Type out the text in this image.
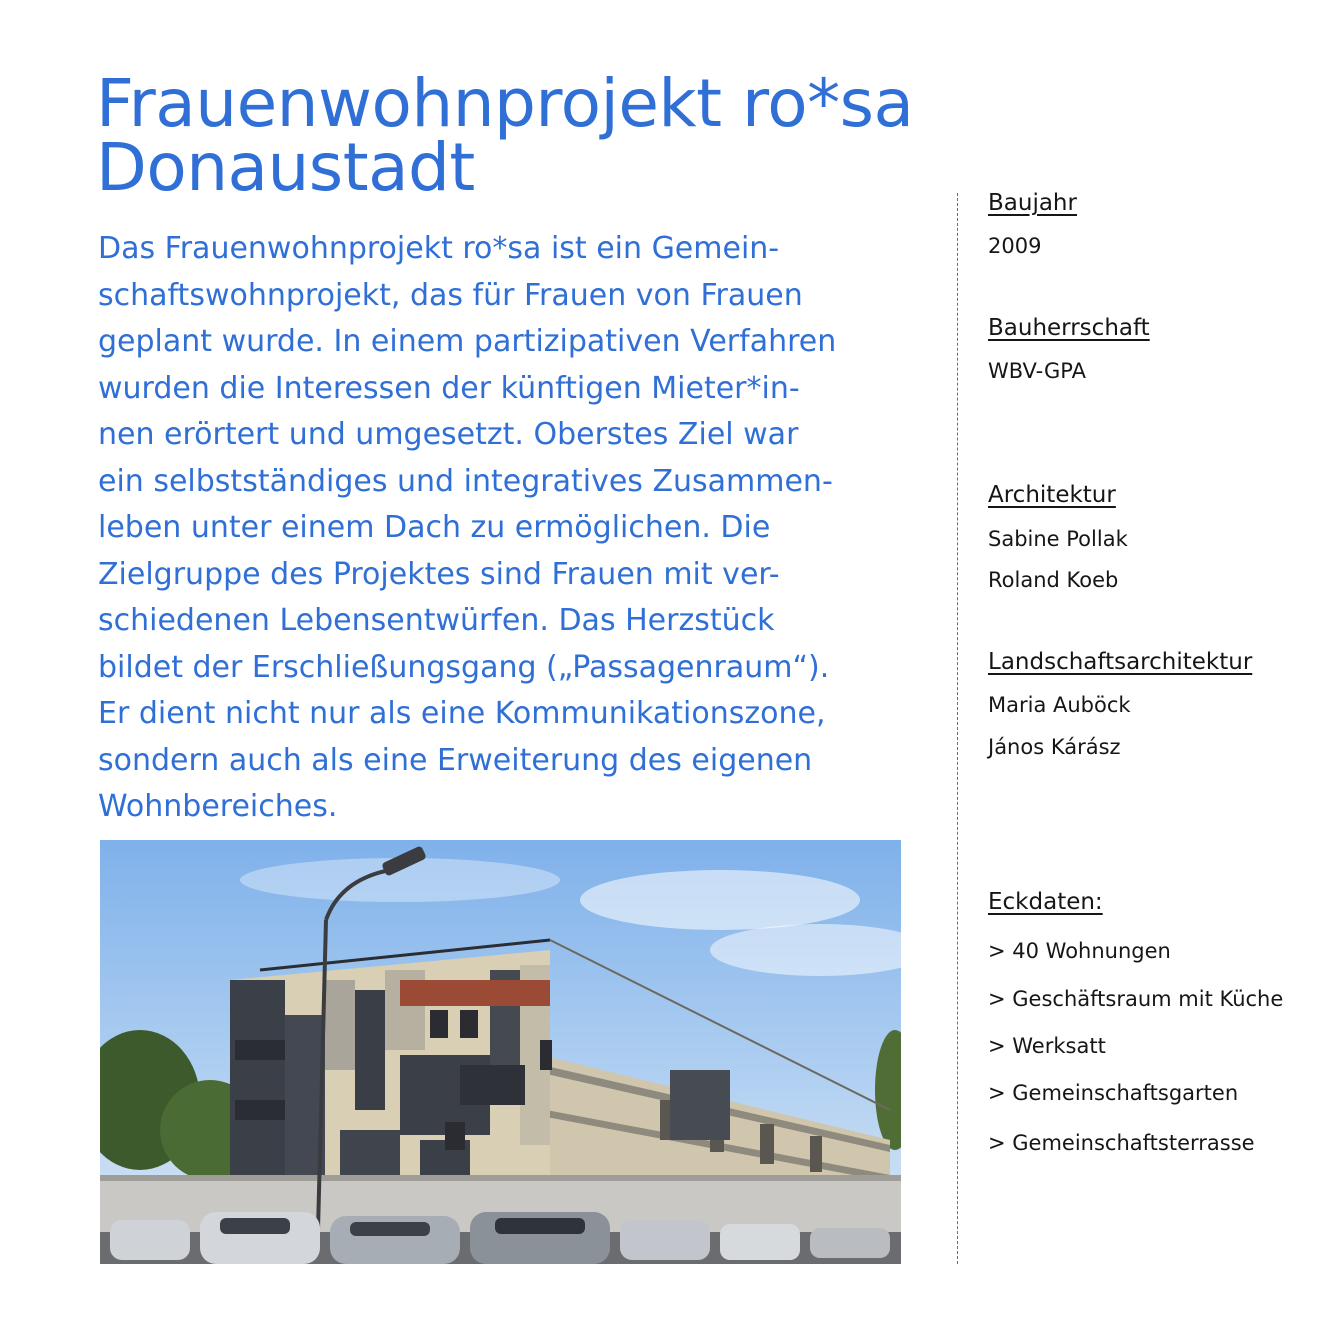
Frauenwohnprojekt ro*sa
Donaustadt
Das Frauenwohnprojekt ro*sa ist ein Gemein-
schaftswohnprojekt, das für Frauen von Frauen
geplant wurde. In einem partizipativen Verfahren
wurden die Interessen der künftigen Mieter*in-
nen erörtert und umgesetzt. Oberstes Ziel war
ein selbstständiges und integratives Zusammen-
leben unter einem Dach zu ermöglichen. Die
Zielgruppe des Projektes sind Frauen mit ver-
schiedenen Lebensentwürfen. Das Herzstück
bildet der Erschließungsgang („Passagenraum“).
Er dient nicht nur als eine Kommunikationszone,
sondern auch als eine Erweiterung des eigenen
Wohnbereiches.
Baujahr
2009
Bauherrschaft
WBV-GPA
Architektur
Sabine Pollak
Roland Koeb
Landschaftsarchitektur
Maria Auböck
János Kárász
Eckdaten:
> 40 Wohnungen
> Geschäftsraum mit Küche
> Werksatt
> Gemeinschaftsgarten
> Gemeinschaftsterrasse
